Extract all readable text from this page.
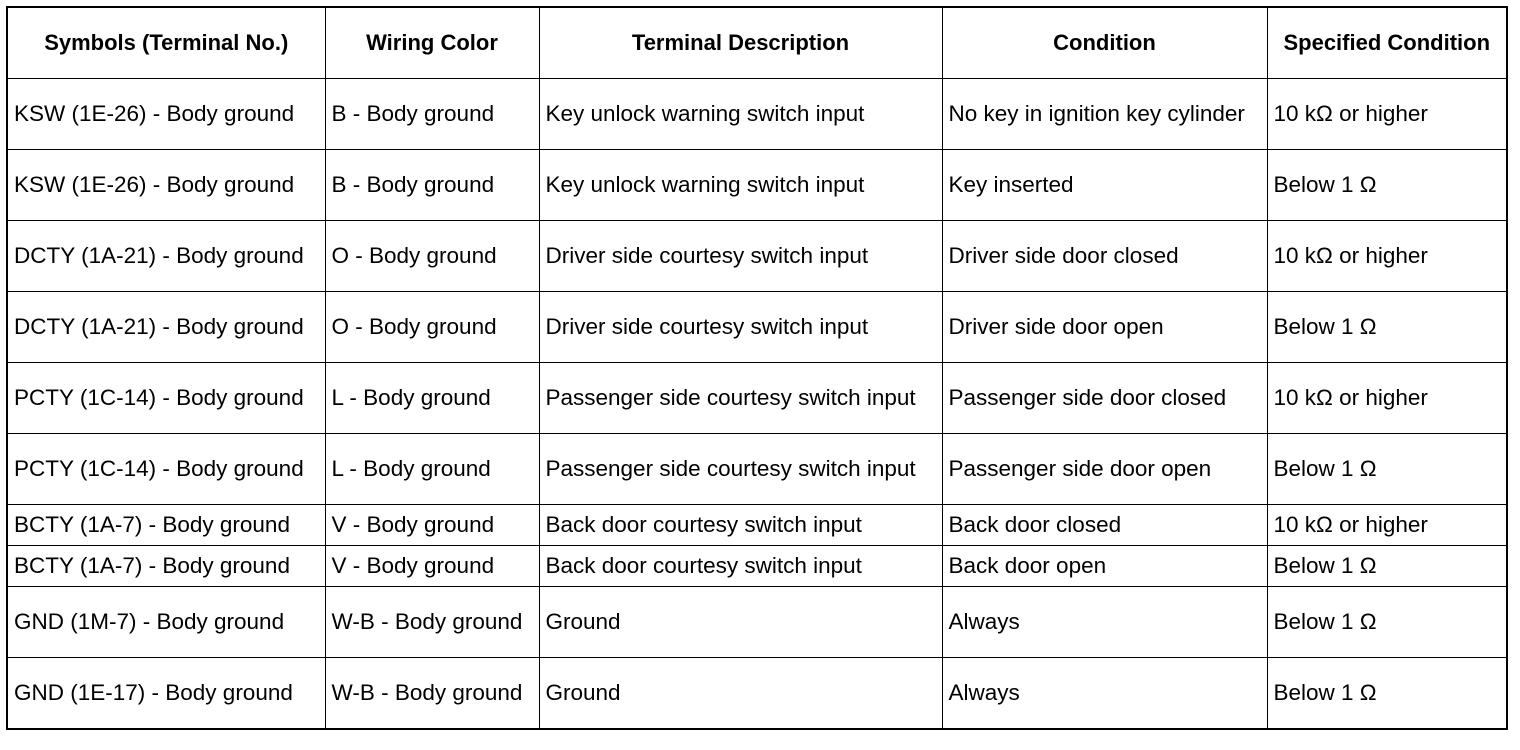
Symbols (Terminal No.)	Wiring Color	Terminal Description	Condition	Specified Condition
KSW (1E-26) - Body ground	B - Body ground	Key unlock warning switch input	No key in ignition key cylinder	10 kΩ or higher
KSW (1E-26) - Body ground	B - Body ground	Key unlock warning switch input	Key inserted	Below 1 Ω
DCTY (1A-21) - Body ground	O - Body ground	Driver side courtesy switch input	Driver side door closed	10 kΩ or higher
DCTY (1A-21) - Body ground	O - Body ground	Driver side courtesy switch input	Driver side door open	Below 1 Ω
PCTY (1C-14) - Body ground	L - Body ground	Passenger side courtesy switch input	Passenger side door closed	10 kΩ or higher
PCTY (1C-14) - Body ground	L - Body ground	Passenger side courtesy switch input	Passenger side door open	Below 1 Ω
BCTY (1A-7) - Body ground	V - Body ground	Back door courtesy switch input	Back door closed	10 kΩ or higher
BCTY (1A-7) - Body ground	V - Body ground	Back door courtesy switch input	Back door open	Below 1 Ω
GND (1M-7) - Body ground	W-B - Body ground	Ground	Always	Below 1 Ω
GND (1E-17) - Body ground	W-B - Body ground	Ground	Always	Below 1 Ω
